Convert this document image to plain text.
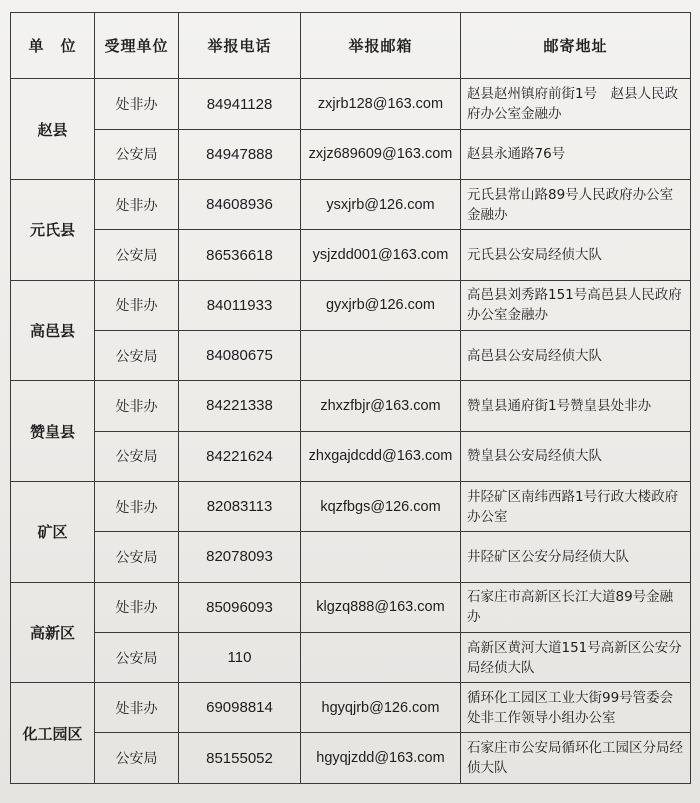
单　位	受理单位	举报电话	举报邮箱	邮寄地址
赵县	处非办	84941128	zxjrb128@163.com	赵县赵州镇府前街1号　赵县人民政府办公室金融办
	公安局	84947888	zxjz689609@163.com	赵县永通路76号
元氏县	处非办	84608936	ysxjrb@126.com	元氏县常山路89号人民政府办公室金融办
	公安局	86536618	ysjzdd001@163.com	元氏县公安局经侦大队
高邑县	处非办	84011933	gyxjrb@126.com	高邑县刘秀路151号高邑县人民政府办公室金融办
	公安局	84080675		高邑县公安局经侦大队
赞皇县	处非办	84221338	zhxzfbjr@163.com	赞皇县通府街1号赞皇县处非办
	公安局	84221624	zhxgajdcdd@163.com	赞皇县公安局经侦大队
矿区	处非办	82083113	kqzfbgs@126.com	井陉矿区南纬西路1号行政大楼政府办公室
	公安局	82078093		井陉矿区公安分局经侦大队
高新区	处非办	85096093	klgzq888@163.com	石家庄市高新区长江大道89号金融办
	公安局	110		高新区黄河大道151号高新区公安分局经侦大队
化工园区	处非办	69098814	hgyqjrb@126.com	循环化工园区工业大街99号管委会处非工作领导小组办公室
	公安局	85155052	hgyqjzdd@163.com	石家庄市公安局循环化工园区分局经侦大队
